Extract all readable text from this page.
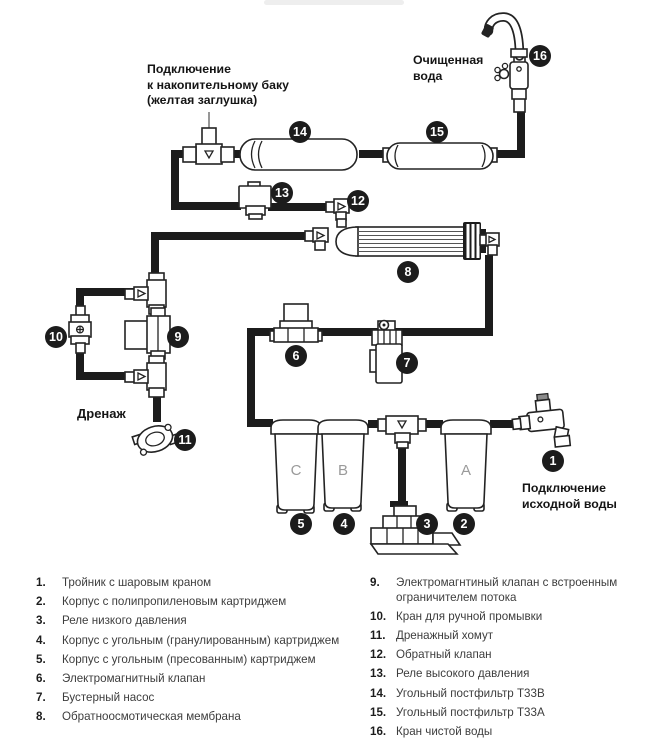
C B	A
Подключение
к накопительному баку
(желтая заглушка)
Очищенная
вода
Дренаж
Подключение
исходной воды
1
2
3
4
5
6	7
8
9
10
11
12
13
14	15
16
1.	Тройник с шаровым краном
2.	Корпус с полипропиленовым картриджем
3.	Реле низкого давления
4.	Корпус с угольным (гранулированным) картриджем
5.	Корпус с угольным (пресованным) картриджем
6.	Электромагнитный клапан
7.	Бустерный насос
8.	Обратноосмотическая мембрана
9.	Электромагнтиный клапан с встроенным ограничителем потока
10. Кран для ручной промывки
11. Дренажный хомут
12. Обратный клапан
13. Реле высокого давления
14. Угольный постфильтр Т33B
15. Угольный постфильтр Т33A
16. Кран чистой воды
